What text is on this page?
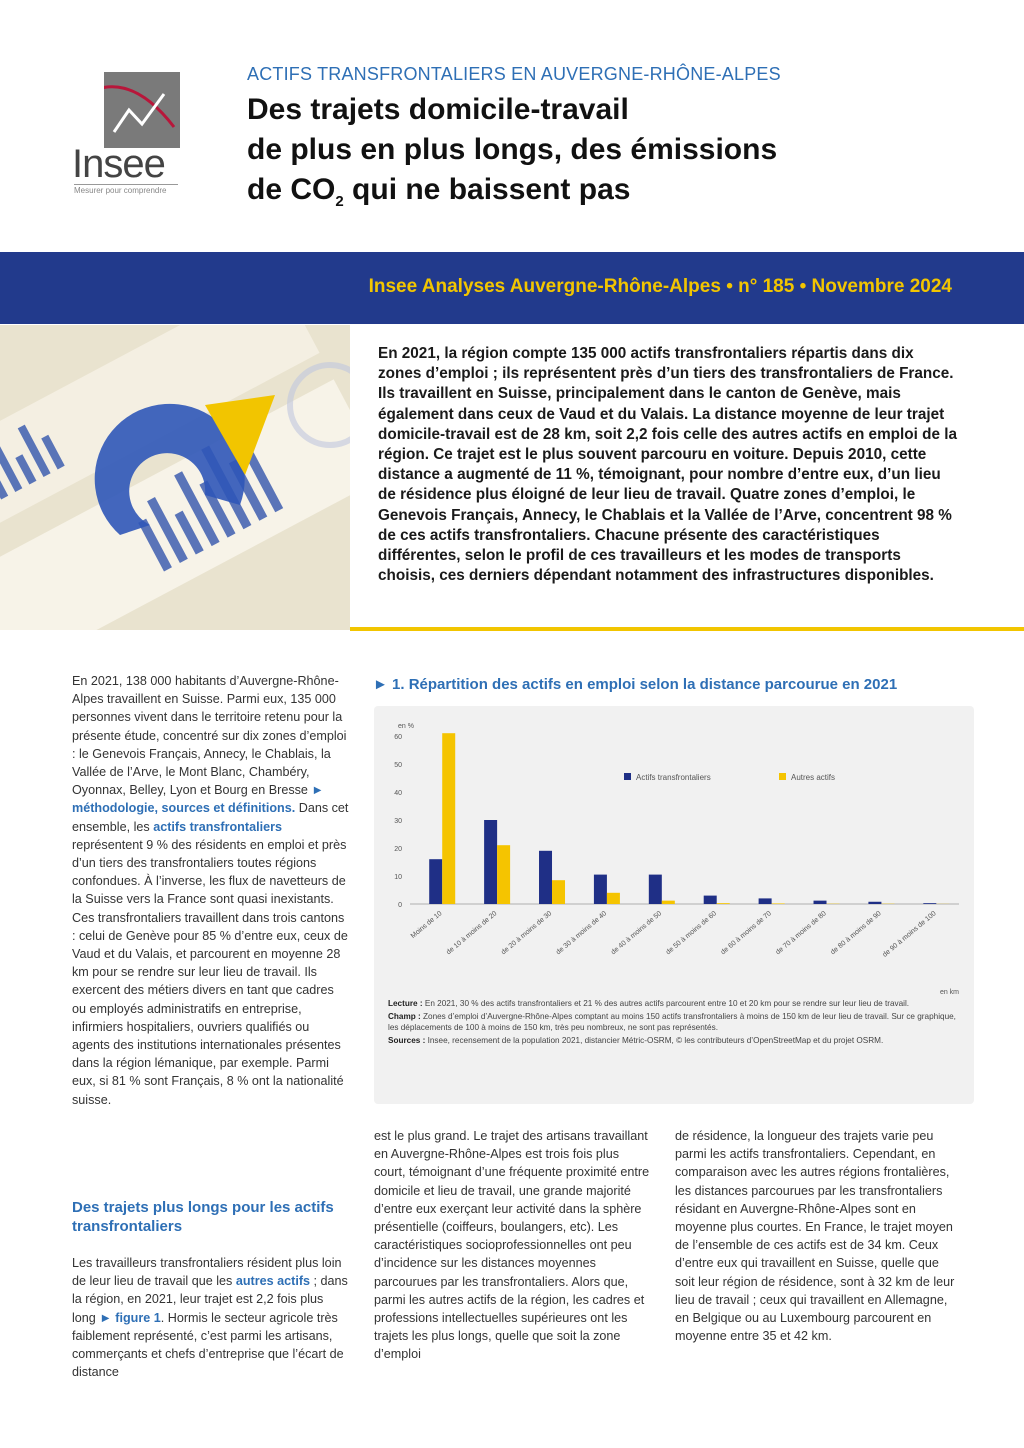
Insee
Mesurer pour comprendre
ACTIFS TRANSFRONTALIERS EN AUVERGNE-RHÔNE-ALPES
Des trajets domicile-travail
de plus en plus longs, des émissions
de $CO_2$ qui ne baissent pas
Insee Analyses Auvergne-Rhône-Alpes • n° 185 • Novembre 2024

En 2021, la région compte 135 000 actifs transfrontaliers répartis dans dix zones d’emploi ; ils représentent près d’un tiers des transfrontaliers de France. Ils travaillent en Suisse, principalement dans le canton de Genève, mais également dans ceux de Vaud et du Valais. La distance moyenne de leur trajet domicile-travail est de 28 km, soit 2,2 fois celle des autres actifs en emploi de la région. Ce trajet est le plus souvent parcouru en voiture. Depuis 2010, cette distance a augmenté de 11 %, témoignant, pour nombre d’entre eux, d’un lieu de résidence plus éloigné de leur lieu de travail. Quatre zones d’emploi, le Genevois Français, Annecy, le Chablais et la Vallée de l’Arve, concentrent 98 % de ces actifs transfrontaliers. Chacune présente des caractéristiques différentes, selon le profil de ces travailleurs et les modes de transports choisis, ces derniers dépendant notamment des infrastructures disponibles.

En 2021, 138 000 habitants d’Auvergne-Rhône-Alpes travaillent en Suisse. Parmi eux, 135 000 personnes vivent dans le territoire retenu pour la présente étude, concentré sur dix zones d’emploi : le Genevois Français, Annecy, le Chablais, la Vallée de l’Arve, le Mont Blanc, Chambéry, Oyonnax, Belley, Lyon et Bourg en Bresse ► méthodologie, sources et définitions. Dans cet ensemble, les actifs transfrontaliers représentent 9 % des résidents en emploi et près d’un tiers des transfrontaliers toutes régions confondues. À l’inverse, les flux de navetteurs de la Suisse vers la France sont quasi inexistants. Ces transfrontaliers travaillent dans trois cantons : celui de Genève pour 85 % d’entre eux, ceux de Vaud et du Valais, et parcourent en moyenne 28 km pour se rendre sur leur lieu de travail. Ils exercent des métiers divers en tant que cadres ou employés administratifs en entreprise, infirmiers hospitaliers, ouvriers qualifiés ou agents des institutions internationales présentes dans la région lémanique, par exemple. Parmi eux, si 81 % sont Français, 8 % ont la nationalité suisse.

Des trajets plus longs pour les actifs transfrontaliers

Les travailleurs transfrontaliers résident plus loin de leur lieu de travail que les autres actifs ; dans la région, en 2021, leur trajet est 2,2 fois plus long ► figure 1. Hormis le secteur agricole très faiblement représenté, c’est parmi les artisans, commerçants et chefs d’entreprise que l’écart de distance

► 1. Répartition des actifs en emploi selon la distance parcourue en 2021

en %
0
10
20
30
40
50
60
Moins de 10 de 10 à moins de 20 de 20 à moins de 30 de 30 à moins de 40 de 40 à moins de 50 de 50 à moins de 60 de 60 à moins de 70 de 70 à moins de 80 de 80 à moins de 90
de 90 à moins de 100
en km
Actifs transfrontaliers	Autres actifs

Lecture : En 2021, 30 % des actifs transfrontaliers et 21 % des autres actifs parcourent entre 10 et 20 km pour se rendre sur leur lieu de travail.

Champ : Zones d’emploi d’Auvergne-Rhône-Alpes comptant au moins 150 actifs transfrontaliers à moins de 150 km de leur lieu de travail. Sur ce graphique, les déplacements de 100 à moins de 150 km, très peu nombreux, ne sont pas représentés.

Sources : Insee, recensement de la population 2021, distancier Métric-OSRM, © les contributeurs d’OpenStreetMap et du projet OSRM.

est le plus grand. Le trajet des artisans travaillant en Auvergne-Rhône-Alpes est trois fois plus court, témoignant d’une fréquente proximité entre domicile et lieu de travail, une grande majorité d’entre eux exerçant leur activité dans la sphère présentielle (coiffeurs, boulangers, etc). Les caractéristiques socioprofessionnelles ont peu d’incidence sur les distances moyennes parcourues par les transfrontaliers. Alors que, parmi les autres actifs de la région, les cadres et professions intellectuelles supérieures ont les trajets les plus longs, quelle que soit la zone d’emploi

de résidence, la longueur des trajets varie peu parmi les actifs transfrontaliers. Cependant, en comparaison avec les autres régions frontalières, les distances parcourues par les transfrontaliers résidant en Auvergne-Rhône-Alpes sont en moyenne plus courtes. En France, le trajet moyen de l’ensemble de ces actifs est de 34 km. Ceux d’entre eux qui travaillent en Suisse, quelle que soit leur région de résidence, sont à 32 km de leur lieu de travail ; ceux qui travaillent en Allemagne, en Belgique ou au Luxembourg parcourent en moyenne entre 35 et 42 km.
